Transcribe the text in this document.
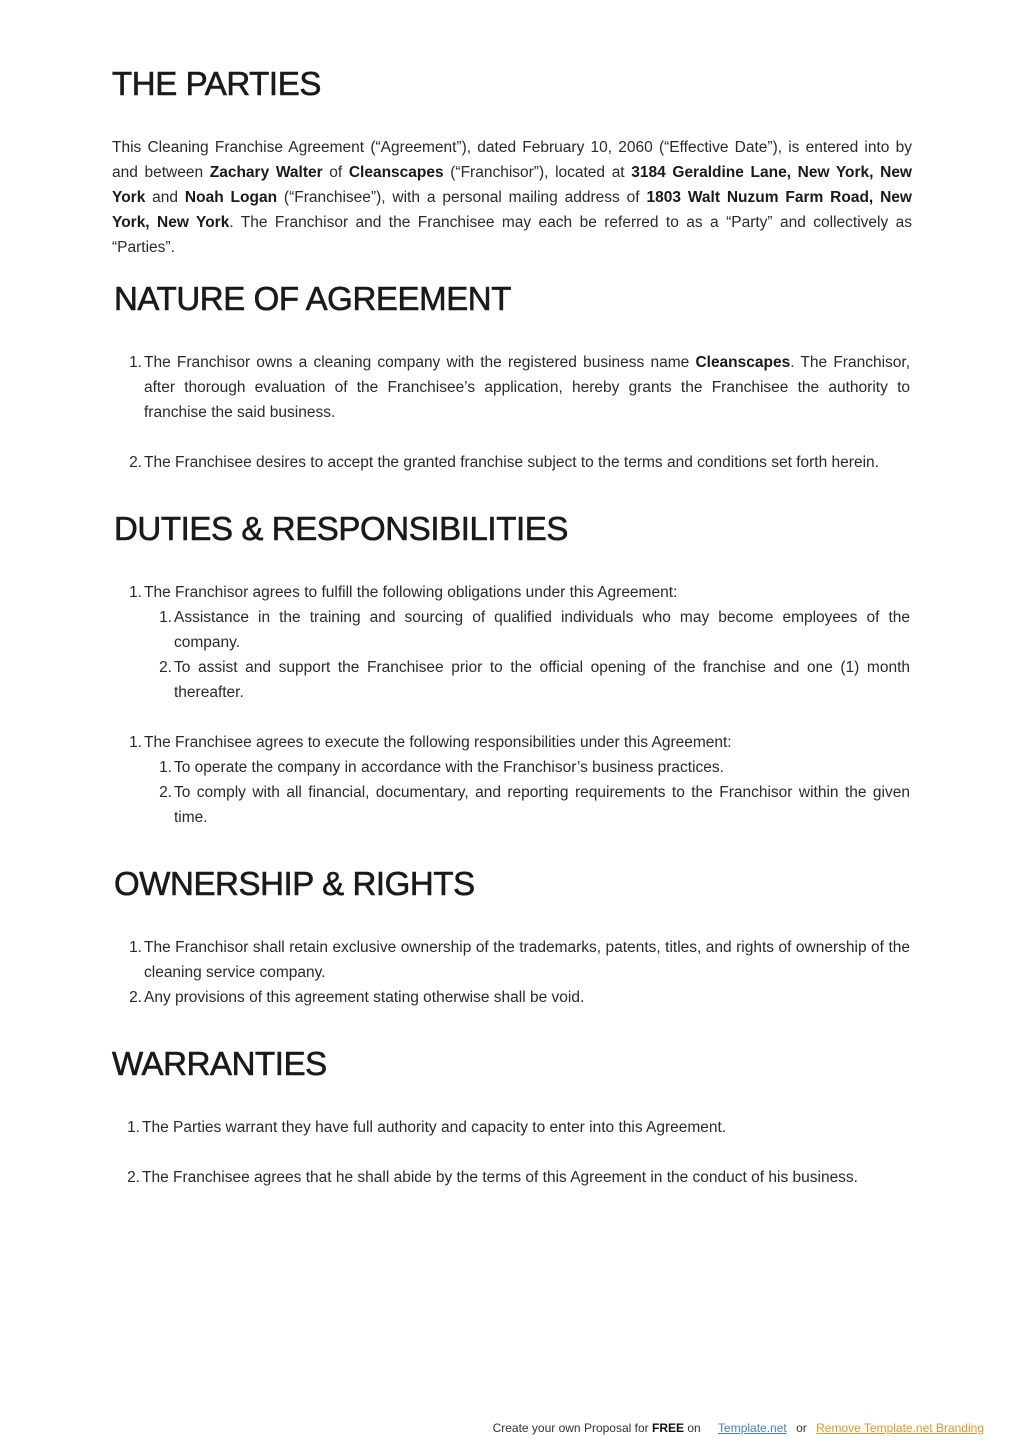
THE PARTIES

This Cleaning Franchise Agreement (“Agreement”), dated February 10, 2060 (“Effective Date”), is entered into by and between Zachary Walter of Cleanscapes (“Franchisor”), located at 3184 Geraldine Lane, New York, New York and Noah Logan (“Franchisee”), with a personal mailing address of 1803 Walt Nuzum Farm Road, New York, New York. The Franchisor and the Franchisee may each be referred to as a “Party” and collectively as “Parties”.

NATURE OF AGREEMENT
1. The Franchisor owns a cleaning company with the registered business name Cleanscapes. The Franchisor, after thorough evaluation of the Franchisee’s application, hereby grants the Franchisee the authority to franchise the said business.
2. The Franchisee desires to accept the granted franchise subject to the terms and conditions set forth herein.
DUTIES & RESPONSIBILITIES
1. The Franchisor agrees to fulfill the following obligations under this Agreement:
1. Assistance in the training and sourcing of qualified individuals who may become employees of the company.
2. To assist and support the Franchisee prior to the official opening of the franchise and one (1) month thereafter.
1. The Franchisee agrees to execute the following responsibilities under this Agreement:
1. To operate the company in accordance with the Franchisor’s business practices.
2. To comply with all financial, documentary, and reporting requirements to the Franchisor within the given time.
OWNERSHIP & RIGHTS
1. The Franchisor shall retain exclusive ownership of the trademarks, patents, titles, and rights of ownership of the cleaning service company.
2. Any provisions of this agreement stating otherwise shall be void.
WARRANTIES
1. The Parties warrant they have full authority and capacity to enter into this Agreement.
2. The Franchisee agrees that he shall abide by the terms of this Agreement in the conduct of his business.
Create your own Proposal for FREE on Template.net or Remove Template.net Branding
